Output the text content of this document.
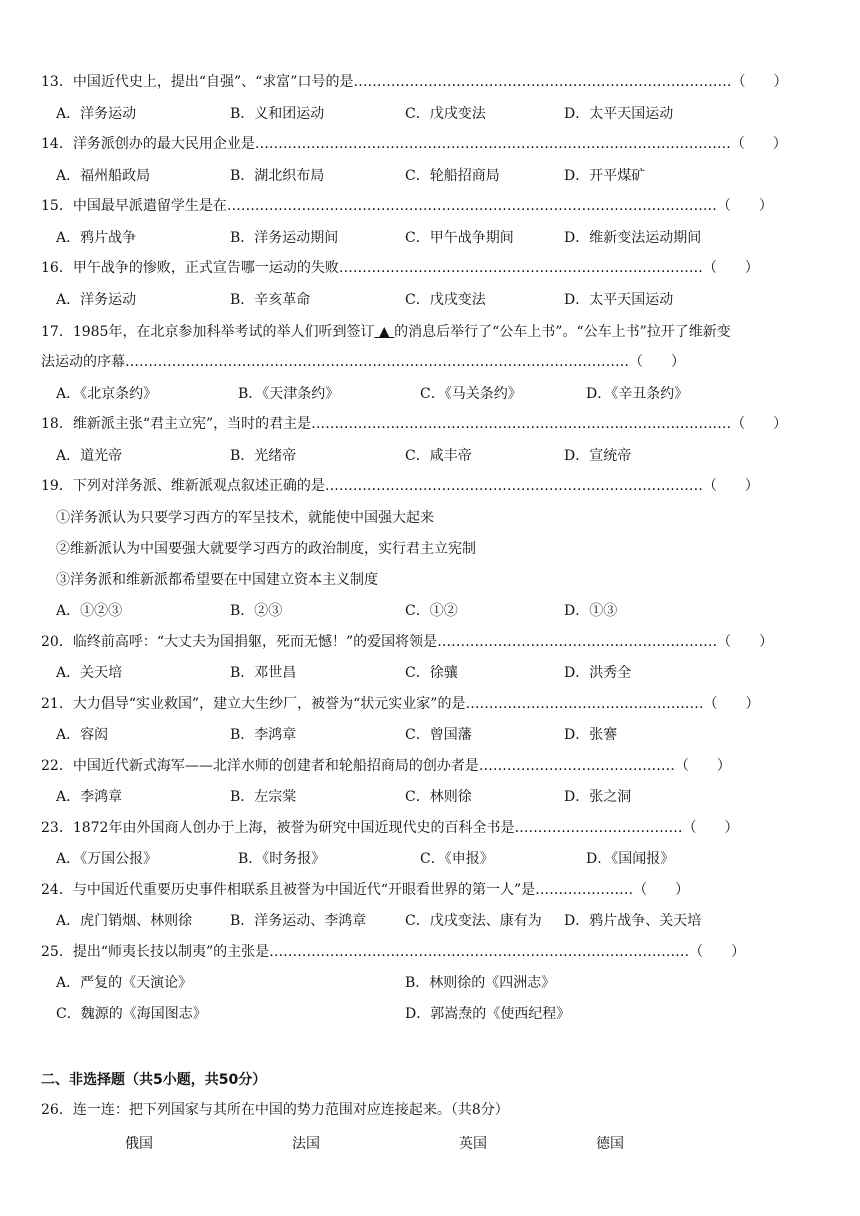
13．中国近代史上，提出“自强”、“求富”口号的是………………………………………………………………………（　　）
A．洋务运动	B．义和团运动	C．戊戌变法	D．太平天国运动
14．洋务派创办的最大民用企业是…………………………………………………………………………………………（　　）
A．福州船政局	B．湖北织布局	C．轮船招商局	D．开平煤矿
15．中国最早派遣留学生是在……………………………………………………………………………………………（　　）
A．鸦片战争	B．洋务运动期间	C．甲午战争期间	D．维新变法运动期间
16．甲午战争的惨败，正式宣告哪一运动的失败……………………………………………………………………（　　）
A．洋务运动	B．辛亥革命	C．戊戌变法	D．太平天国运动
17．1985年，在北京参加科举考试的举人们听到签订 ▲ 的消息后举行了“公车上书”。“公车上书”拉开了维新变
法运动的序幕………………………………………………………………………………………………（　　）
A．《北京条约》	B．《天津条约》	C．《马关条约》	D．《辛丑条约》
18．维新派主张“君主立宪”，当时的君主是………………………………………………………………………………（　　）
A．道光帝	B．光绪帝	C．咸丰帝	D．宣统帝
19．下列对洋务派、维新派观点叙述正确的是………………………………………………………………………（　　）
①洋务派认为只要学习西方的军呈技术，就能使中国强大起来
②维新派认为中国要强大就要学习西方的政治制度，实行君主立宪制
③洋务派和维新派都希望要在中国建立资本主义制度
A．①②③	B．②③	C．①②	D．①③
20．临终前高呼：“大丈夫为国捐躯，死而无憾！”的爱国将领是……………………………………………………（　　）
A．关天培	B．邓世昌	C．徐骧	D．洪秀全
21．大力倡导“实业救国”，建立大生纱厂，被誉为“状元实业家”的是……………………………………………（　　）
A．容闳	B．李鸿章	C．曾国藩	D．张謇
22．中国近代新式海军——北洋水师的创建者和轮船招商局的创办者是……………………………………（　　）
A．李鸿章	B．左宗棠	C．林则徐	D．张之洞
23．1872年由外国商人创办于上海，被誉为研究中国近现代史的百科全书是………………………………（　　）
A．《万国公报》	B．《时务报》	C．《申报》	D．《国闻报》
24．与中国近代重要历史事件相联系且被誉为中国近代“开眼看世界的第一人”是…………………（　　）
A．虎门销烟、林则徐	B．洋务运动、李鸿章	C．戊戌变法、康有为 D．鸦片战争、关天培
25．提出“师夷长技以制夷”的主张是………………………………………………………………………………（　　）
A．严复的《天演论》	B．林则徐的《四洲志》
C．魏源的《海国图志》	D．郭嵩焘的《使西纪程》
二、非选择题（共5小题，共50分）
26．连一连：把下列国家与其所在中国的势力范围对应连接起来。（共8分）
俄国	法国	英国	德国
